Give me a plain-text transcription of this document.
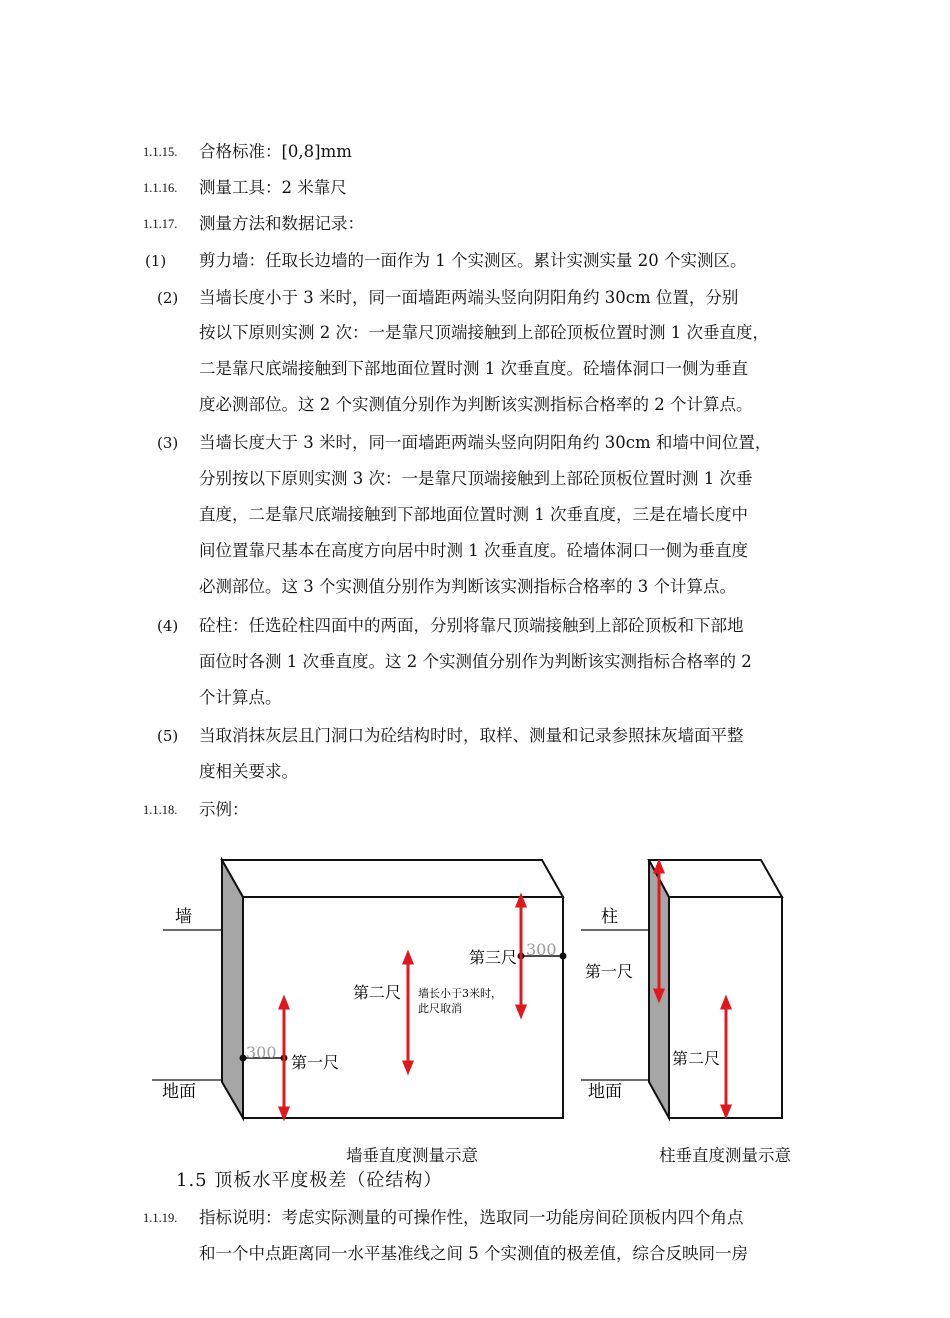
1.1.15. 合格标准：[0,8]mm
1.1.16. 测量工具：2 米靠尺
1.1.17. 测量方法和数据记录：
(1) 剪力墙：任取长边墙的一面作为 1 个实测区。累计实测实量 20 个实测区。
(2) 当墙长度小于 3 米时，同一面墙距两端头竖向阴阳角约 30cm 位置，分别
按以下原则实测 2 次：一是靠尺顶端接触到上部砼顶板位置时测 1 次垂直度，
二是靠尺底端接触到下部地面位置时测 1 次垂直度。砼墙体洞口一侧为垂直
度必测部位。这 2 个实测值分别作为判断该实测指标合格率的 2 个计算点。
(3) 当墙长度大于 3 米时，同一面墙距两端头竖向阴阳角约 30cm 和墙中间位置，
分别按以下原则实测 3 次：一是靠尺顶端接触到上部砼顶板位置时测 1 次垂
直度，二是靠尺底端接触到下部地面位置时测 1 次垂直度，三是在墙长度中
间位置靠尺基本在高度方向居中时测 1 次垂直度。砼墙体洞口一侧为垂直度
必测部位。这 3 个实测值分别作为判断该实测指标合格率的 3 个计算点。
(4) 砼柱：任选砼柱四面中的两面，分别将靠尺顶端接触到上部砼顶板和下部地
面位时各测 1 次垂直度。这 2 个实测值分别作为判断该实测指标合格率的 2
个计算点。
(5) 当取消抹灰层且门洞口为砼结构时时，取样、测量和记录参照抹灰墙面平整
度相关要求。
1.1.18. 示例：
墙
地面
300
300
第一尺
第二尺
第三尺
墙长小于3米时，
此尺取消
柱
地面
第一尺
第二尺
墙垂直度测量示意	柱垂直度测量示意
1.5 顶板水平度极差（砼结构）
1.1.19. 指标说明：考虑实际测量的可操作性，选取同一功能房间砼顶板内四个角点
和一个中点距离同一水平基准线之间 5 个实测值的极差值，综合反映同一房
